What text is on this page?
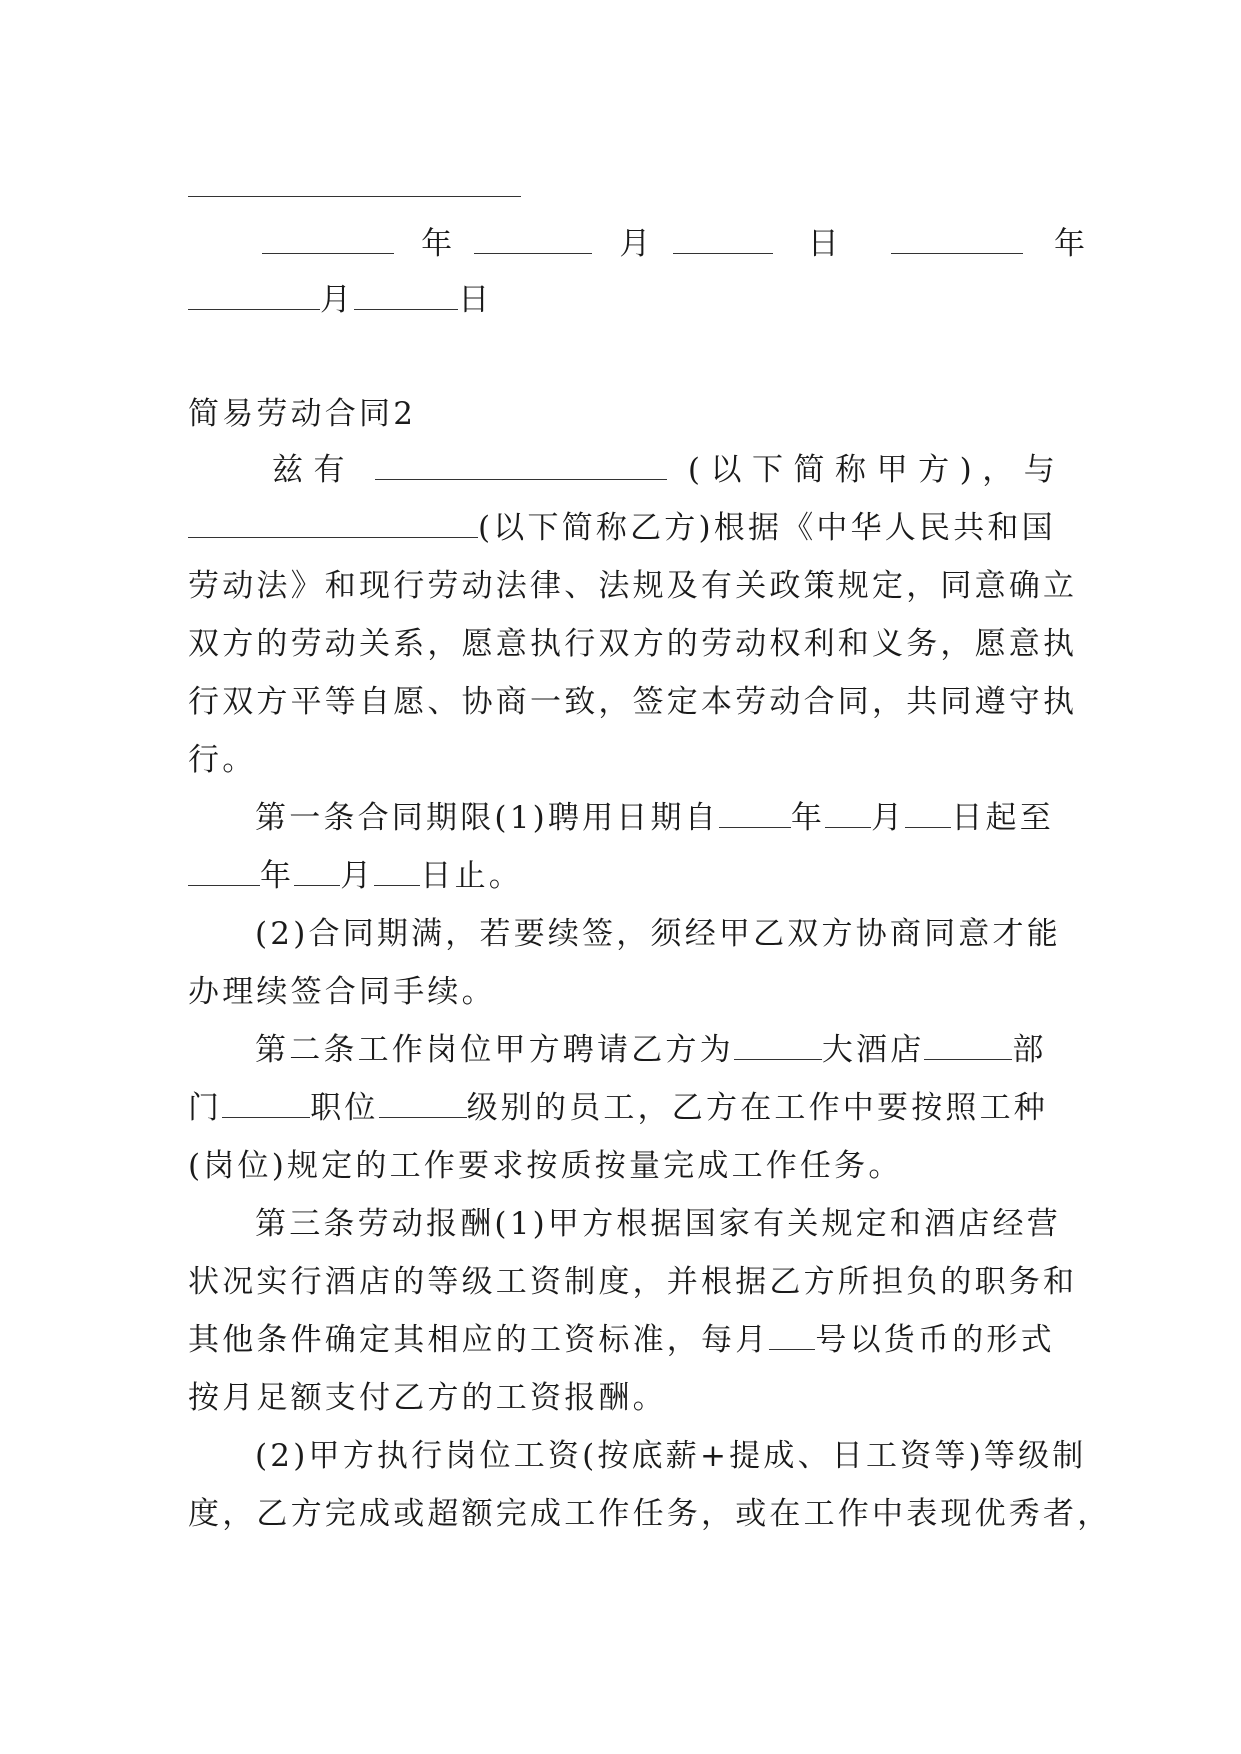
年	月	日	年
月	日
简易劳动合同2
兹有	(以下简称甲方)，与
(以下简称乙方)根据《中华人民共和国
劳动法》和现行劳动法律、法规及有关政策规定，同意确立
双方的劳动关系，愿意执行双方的劳动权利和义务，愿意执
行双方平等自愿、协商一致，签定本劳动合同，共同遵守执
行。
第一条合同期限(1)聘用日期自 年 月 日起至
年 月 日止。
(2)合同期满，若要续签，须经甲乙双方协商同意才能
办理续签合同手续。
第二条工作岗位甲方聘请乙方为	大酒店	部
门	职位	级别的员工，乙方在工作中要按照工种
(岗位)规定的工作要求按质按量完成工作任务。
第三条劳动报酬(1)甲方根据国家有关规定和酒店经营
状况实行酒店的等级工资制度，并根据乙方所担负的职务和
其他条件确定其相应的工资标准，每月 号以货币的形式
按月足额支付乙方的工资报酬。
(2)甲方执行岗位工资(按底薪+提成、日工资等)等级制
度，乙方完成或超额完成工作任务，或在工作中表现优秀者，
